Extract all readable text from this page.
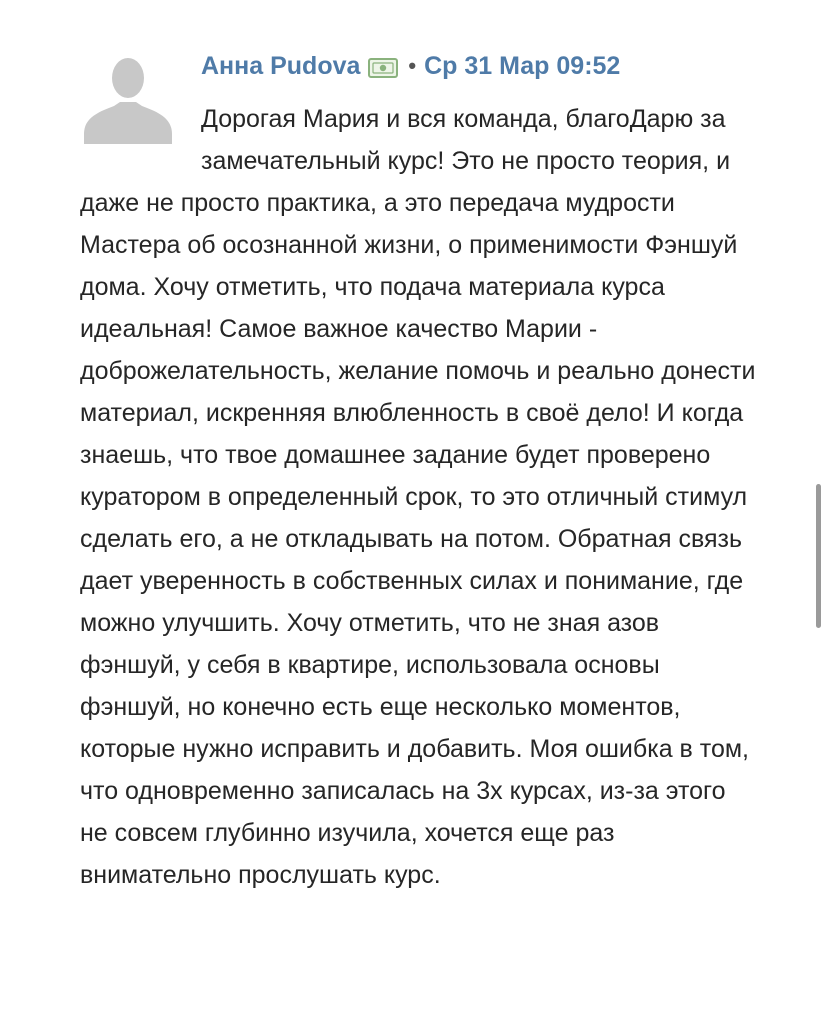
Анна Pudova • Ср 31 Мар 09:52

Дорогая Мария и вся команда, благоДарю за замечательный курс! Это не просто теория, и даже не просто практика, а это передача мудрости Мастера об осознанной жизни, о применимости Фэншуй дома. Хочу отметить, что подача материала курса идеальная! Самое важное качество Марии - доброжелательность, желание помочь и реально донести материал, искренняя влюбленность в своё дело! И когда знаешь, что твое домашнее задание будет проверено куратором в определенный срок, то это отличный стимул сделать его, а не откладывать на потом. Обратная связь дает уверенность в собственных силах и понимание, где можно улучшить. Хочу отметить, что не зная азов фэншуй, у себя в квартире, использовала основы фэншуй, но конечно есть еще несколько моментов, которые нужно исправить и добавить. Моя ошибка в том, что одновременно записалась на 3х курсах, из-за этого не совсем глубинно изучила, хочется еще раз внимательно прослушать курс.
